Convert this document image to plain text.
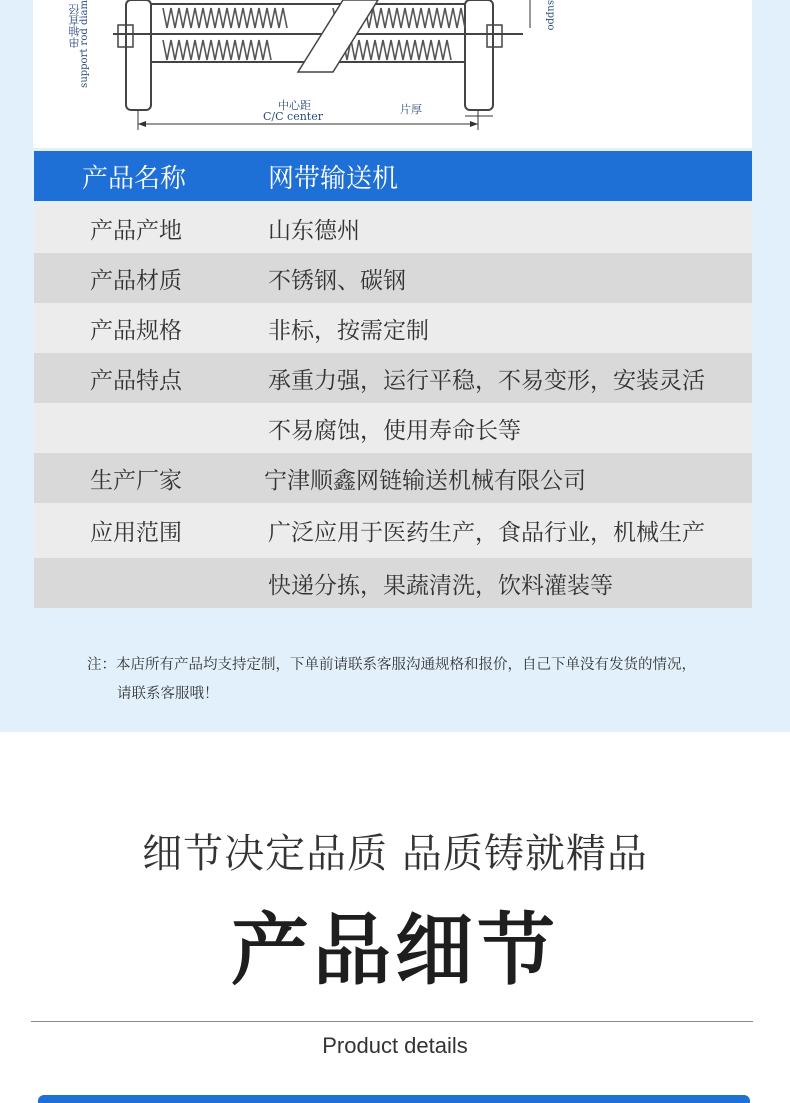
串轴直径
support rod diam	suppo
中心距
C/C center
片厚
产品名称	网带输送机
产品产地	山东德州
产品材质	不锈钢、碳钢
产品规格	非标，按需定制
产品特点	承重力强，运行平稳，不易变形，安装灵活
不易腐蚀，使用寿命长等
生产厂家	宁津顺鑫网链输送机械有限公司
应用范围	广泛应用于医药生产，食品行业，机械生产
快递分拣，果蔬清洗，饮料灌装等
注：本店所有产品均支持定制，下单前请联系客服沟通规格和报价，自己下单没有发货的情况，
请联系客服哦！
细节决定品质 品质铸就精品
产品细节
Product details
